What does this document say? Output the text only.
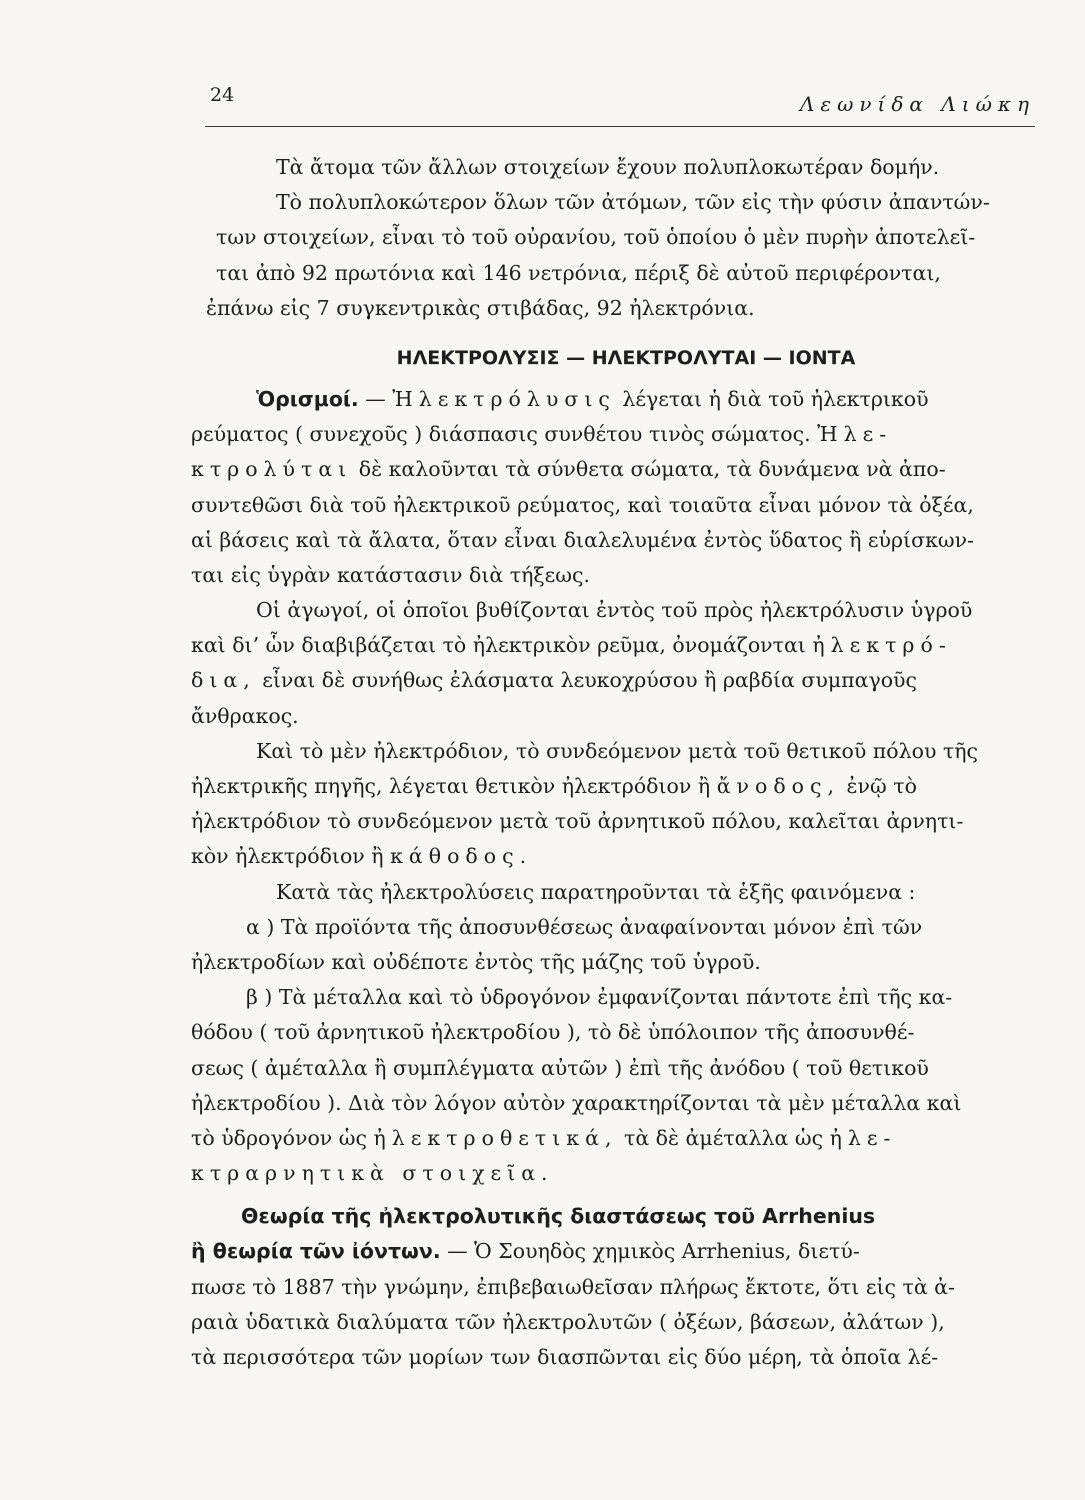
24	Λεωνίδα Λιώκη
Τὰ ἄτομα τῶν ἄλλων στοιχείων ἔχουν πολυπλοκωτέραν δομήν.
Τὸ πολυπλοκώτερον ὅλων τῶν ἀτόμων, τῶν εἰς τὴν φύσιν ἀπαντών-
των στοιχείων, εἶναι τὸ τοῦ οὐρανίου, τοῦ ὁποίου ὁ μὲν πυρὴν ἀποτελεῖ-
ται ἀπὸ 92 πρωτόνια καὶ 146 νετρόνια, πέριξ δὲ αὐτοῦ περιφέρονται,
ἐπάνω εἰς 7 συγκεντρικὰς στιβάδας, 92 ἠλεκτρόνια.
ΗΛΕΚΤΡΟΛΥΣΙΣ — ΗΛΕΚΤΡΟΛΥΤΑΙ — ΙΟΝΤΑ
Ὁρισμοί. — Ἠλεκτρόλυσις λέγεται ἡ διὰ τοῦ ἠλεκτρικοῦ
ρεύματος ( συνεχοῦς ) διάσπασις συνθέτου τινὸς σώματος. Ἠλε-
κτρολύται δὲ καλοῦνται τὰ σύνθετα σώματα, τὰ δυνάμενα νὰ ἀπο-
συντεθῶσι διὰ τοῦ ἠλεκτρικοῦ ρεύματος, καὶ τοιαῦτα εἶναι μόνον τὰ ὀξέα,
αἱ βάσεις καὶ τὰ ἄλατα, ὅταν εἶναι διαλελυμένα ἐντὸς ὕδατος ἢ εὑρίσκων-
ται εἰς ὑγρὰν κατάστασιν διὰ τήξεως.
Οἱ ἀγωγοί, οἱ ὁποῖοι βυθίζονται ἐντὸς τοῦ πρὸς ἠλεκτρόλυσιν ὑγροῦ
καὶ δι’ ὧν διαβιβάζεται τὸ ἠλεκτρικὸν ρεῦμα, ὀνομάζονται ἠλεκτρό-
δια, εἶναι δὲ συνήθως ἐλάσματα λευκοχρύσου ἢ ραβδία συμπαγοῦς
ἄνθρακος.
Καὶ τὸ μὲν ἠλεκτρόδιον, τὸ συνδεόμενον μετὰ τοῦ θετικοῦ πόλου τῆς
ἠλεκτρικῆς πηγῆς, λέγεται θετικὸν ἠλεκτρόδιον ἢ ἄνοδος, ἐνῷ τὸ
ἠλεκτρόδιον τὸ συνδεόμενον μετὰ τοῦ ἀρνητικοῦ πόλου, καλεῖται ἀρνητι-
κὸν ἠλεκτρόδιον ἢ κάθοδος.
Κατὰ τὰς ἠλεκτρολύσεις παρατηροῦνται τὰ ἑξῆς φαινόμενα :
α ) Τὰ προϊόντα τῆς ἀποσυνθέσεως ἀναφαίνονται μόνον ἐπὶ τῶν
ἠλεκτροδίων καὶ οὐδέποτε ἐντὸς τῆς μάζης τοῦ ὑγροῦ.
β ) Τὰ μέταλλα καὶ τὸ ὑδρογόνον ἐμφανίζονται πάντοτε ἐπὶ τῆς κα-
θόδου ( τοῦ ἀρνητικοῦ ἠλεκτροδίου ), τὸ δὲ ὑπόλοιπον τῆς ἀποσυνθέ-
σεως ( ἀμέταλλα ἢ συμπλέγματα αὐτῶν ) ἐπὶ τῆς ἀνόδου ( τοῦ θετικοῦ
ἠλεκτροδίου ). Διὰ τὸν λόγον αὐτὸν χαρακτηρίζονται τὰ μὲν μέταλλα καὶ
τὸ ὑδρογόνον ὡς ἠλεκτροθετικά, τὰ δὲ ἀμέταλλα ὡς ἠλε-
κτραρνητικὰ στοιχεῖα.
Θεωρία τῆς ἠλεκτρολυτικῆς διαστάσεως τοῦ Arrhenius
ἢ θεωρία τῶν ἰόντων. — Ὁ Σουηδὸς χημικὸς Arrhenius, διετύ-
πωσε τὸ 1887 τὴν γνώμην, ἐπιβεβαιωθεῖσαν πλήρως ἔκτοτε, ὅτι εἰς τὰ ἀ-
ραιὰ ὑδατικὰ διαλύματα τῶν ἠλεκτρολυτῶν ( ὀξέων, βάσεων, ἀλάτων ),
τὰ περισσότερα τῶν μορίων των διασπῶνται εἰς δύο μέρη, τὰ ὁποῖα λέ-
